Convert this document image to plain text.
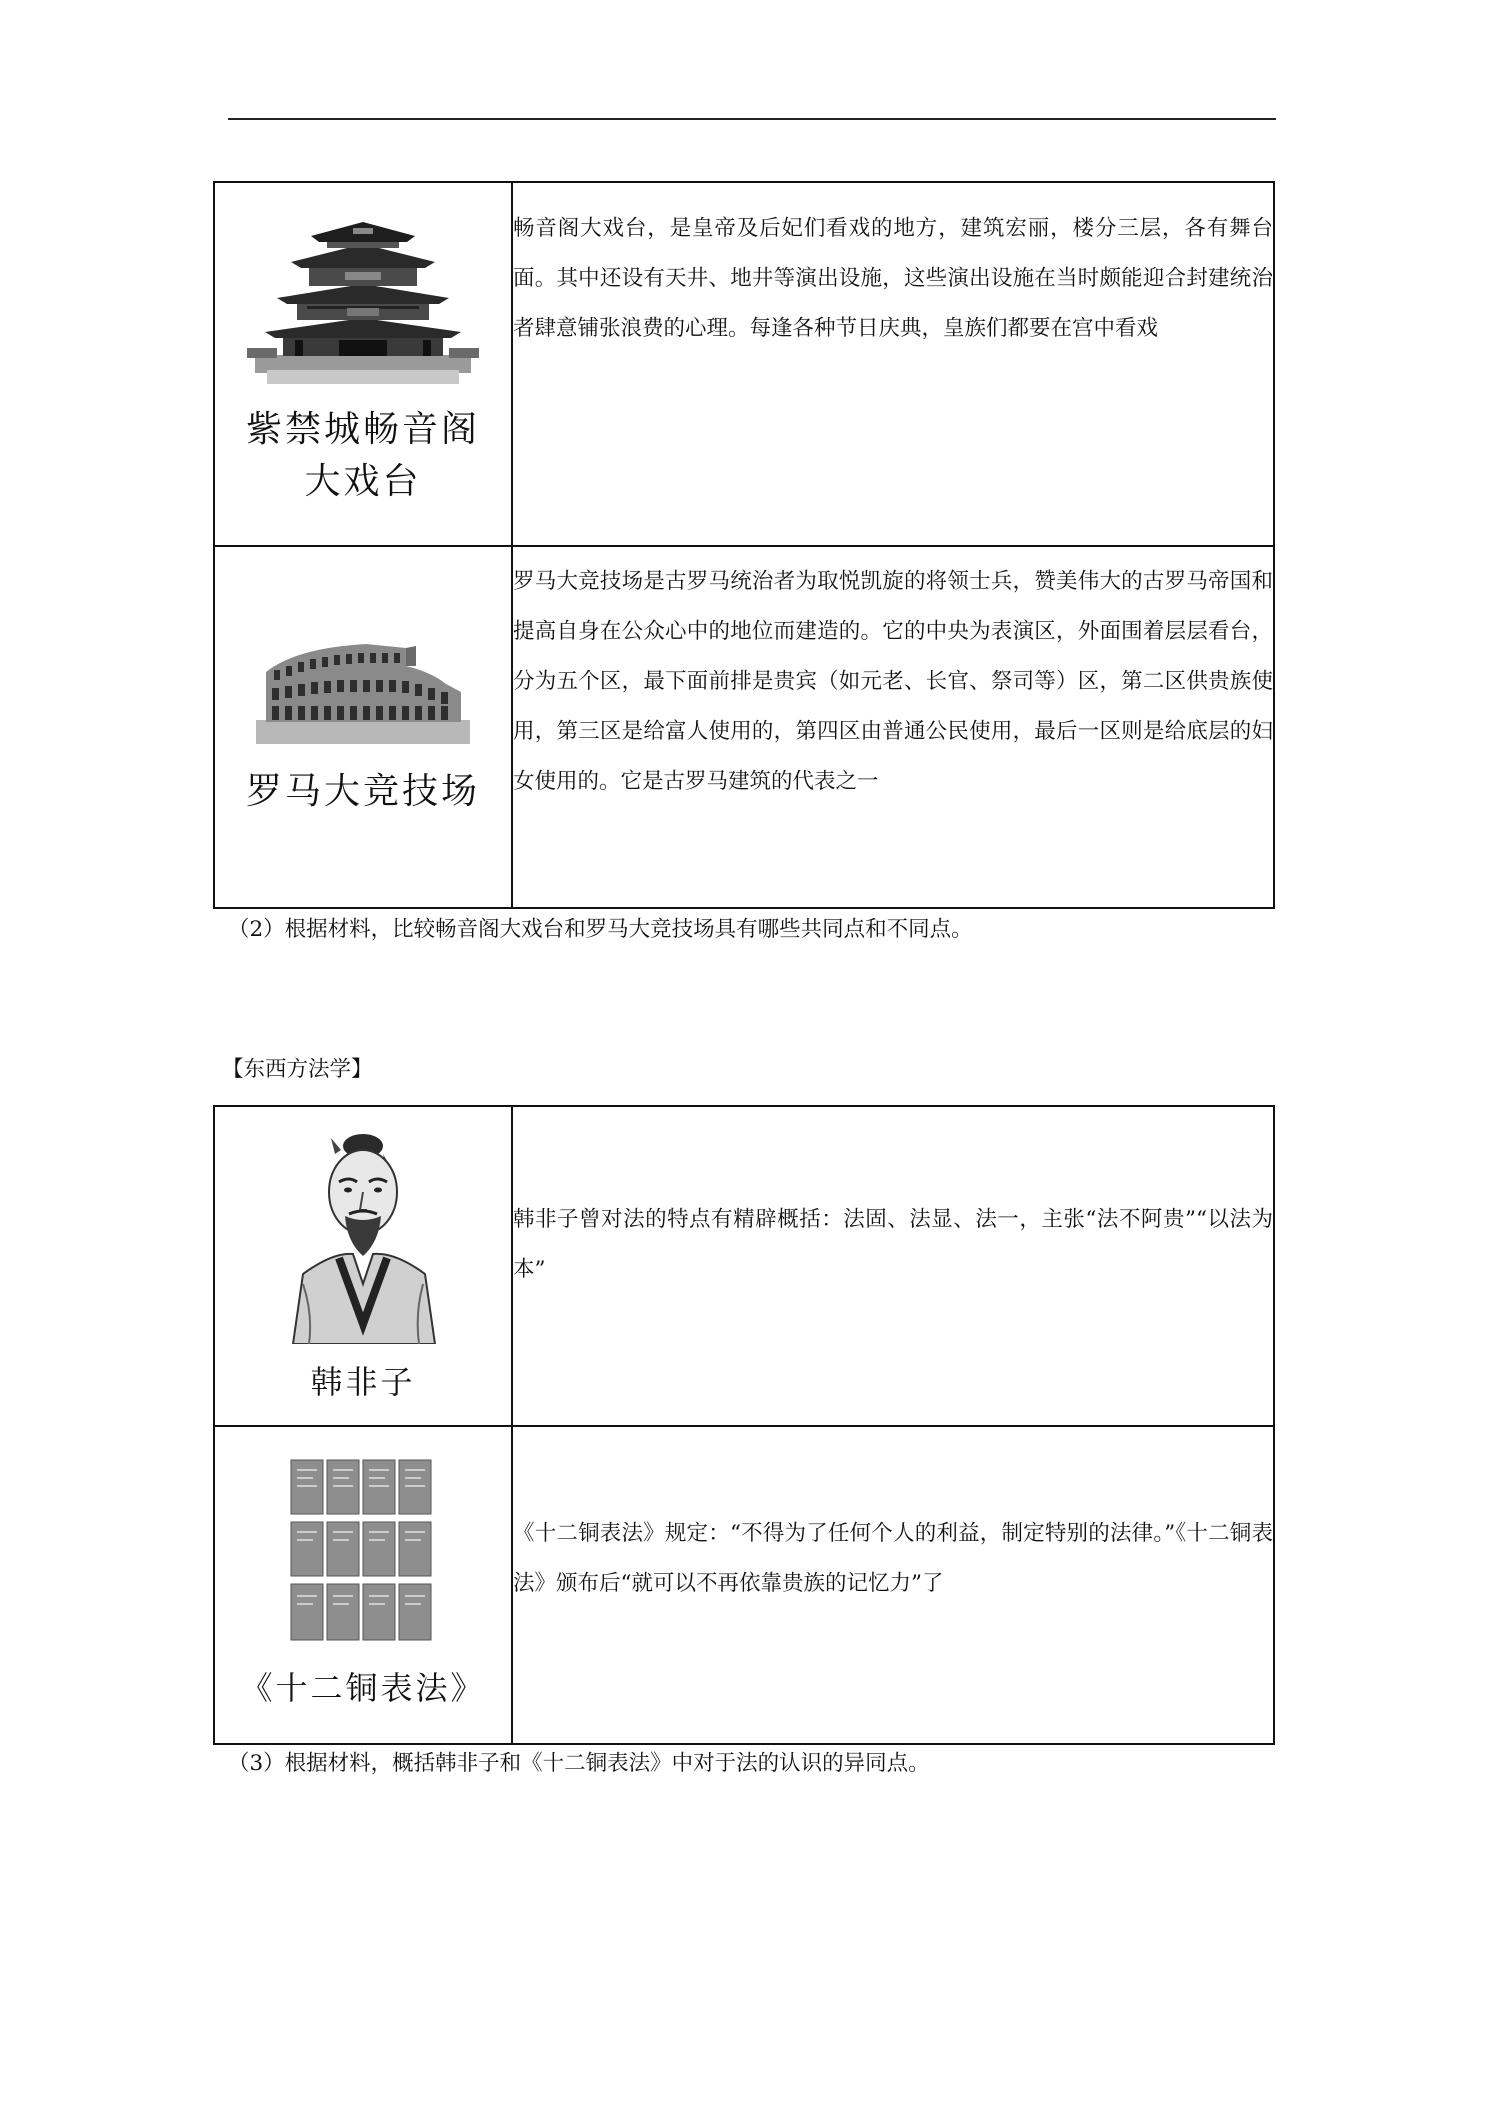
紫禁城畅音阁
大戏台	畅音阁大戏台，是皇帝及后妃们看戏的地方，建筑宏丽，楼分三层，各有舞台面。其中还设有天井、地井等演出设施，这些演出设施在当时颇能迎合封建统治者肆意铺张浪费的心理。每逢各种节日庆典，皇族们都要在宫中看戏

罗马大竞技场	罗马大竞技场是古罗马统治者为取悦凯旋的将领士兵，赞美伟大的古罗马帝国和提高自身在公众心中的地位而建造的。它的中央为表演区，外面围着层层看台，分为五个区，最下面前排是贵宾（如元老、长官、祭司等）区，第二区供贵族使用，第三区是给富人使用的，第四区由普通公民使用，最后一区则是给底层的妇女使用的。它是古罗马建筑的代表之一
（2）根据材料，比较畅音阁大戏台和罗马大竞技场具有哪些共同点和不同点。
【东西方法学】
韩非子	韩非子曾对法的特点有精辟概括：法固、法显、法一，主张“法不阿贵”“以法为本”

《十二铜表法》	《十二铜表法》规定：“不得为了任何个人的利益，制定特别的法律。”《十二铜表法》颁布后“就可以不再依靠贵族的记忆力”了
（3）根据材料，概括韩非子和《十二铜表法》中对于法的认识的异同点。
